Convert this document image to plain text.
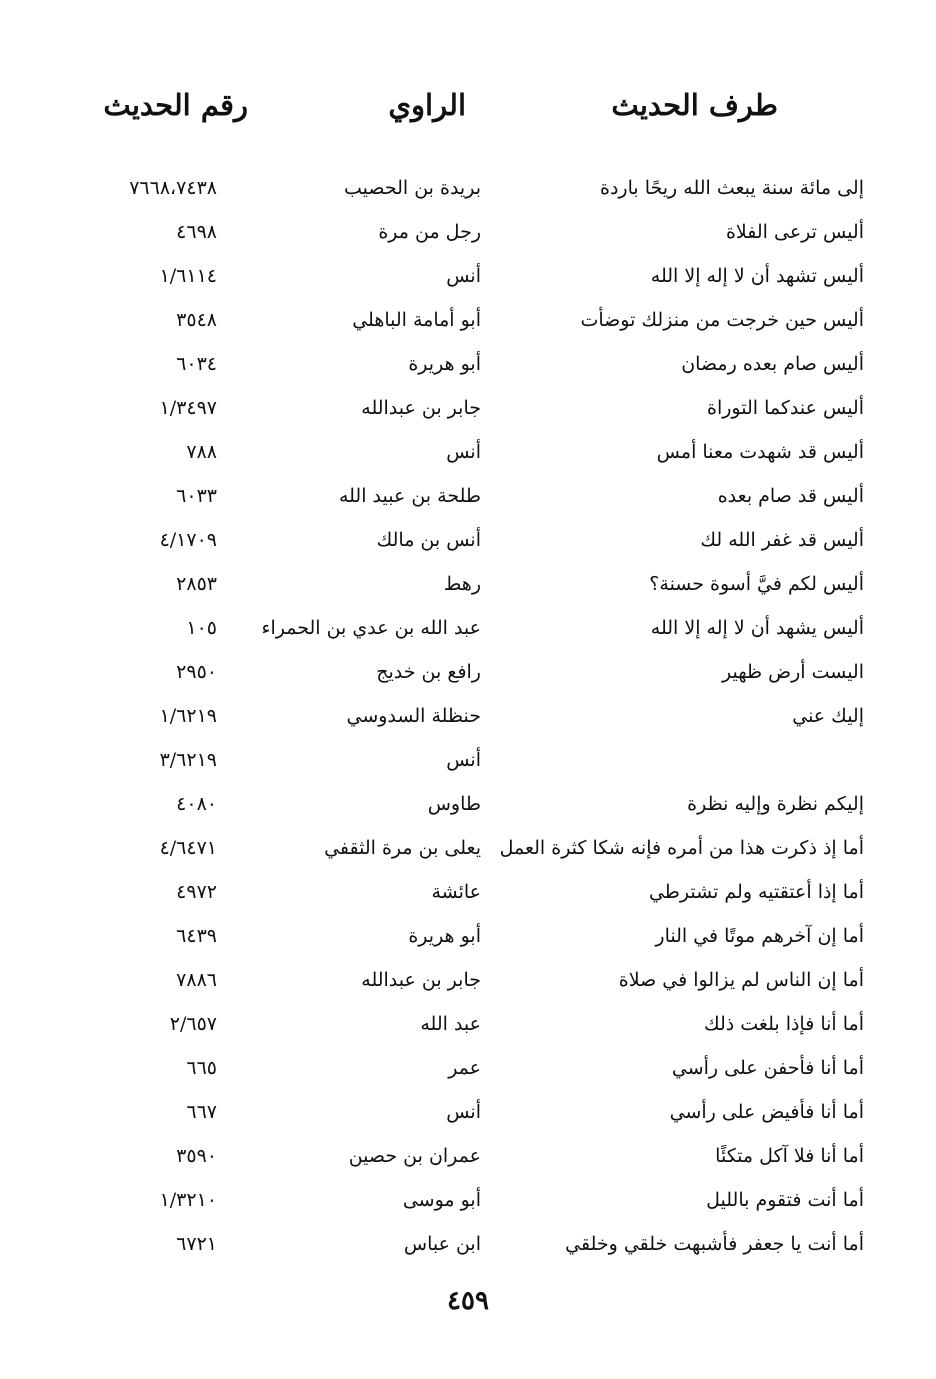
طرف الحديث
الراوي
رقم الحديث
إلى مائة سنة يبعث الله ريحًا باردة
بريدة بن الحصيب
٧٦٦٨،٧٤٣٨
أليس ترعى الفلاة
رجل من مرة
٤٦٩٨
أليس تشهد أن لا إله إلا الله
أنس
١/٦١١٤
أليس حين خرجت من منزلك توضأت
أبو أمامة الباهلي
٣٥٤٨
أليس صام بعده رمضان
أبو هريرة
٦٠٣٤
أليس عندكما التوراة
جابر بن عبدالله
١/٣٤٩٧
أليس قد شهدت معنا أمس
أنس
٧٨٨
أليس قد صام بعده
طلحة بن عبيد الله
٦٠٣٣
أليس قد غفر الله لك
أنس بن مالك
٤/١٧٠٩
أليس لكم فيَّ أسوة حسنة؟
رهط
٢٨٥٣
أليس يشهد أن لا إله إلا الله
عبد الله بن عدي بن الحمراء
١٠٥
اليست أرض ظهير
رافع بن خديج
٢٩٥٠
إليك عني
حنظلة السدوسي
١/٦٢١٩
أنس
٣/٦٢١٩
إليكم نظرة وإليه نظرة
طاوس
٤٠٨٠
أما إذ ذكرت هذا من أمره فإنه شكا كثرة العمل
يعلى بن مرة الثقفي
٤/٦٤٧١
أما إذا أعتقتيه ولم تشترطي
عائشة
٤٩٧٢
أما إن آخرهم موتًا في النار
أبو هريرة
٦٤٣٩
أما إن الناس لم يزالوا في صلاة
جابر بن عبدالله
٧٨٨٦
أما أنا فإذا بلغت ذلك
عبد الله
٢/٦٥٧
أما أنا فأحفن على رأسي
عمر
٦٦٥
أما أنا فأفيض على رأسي
أنس
٦٦٧
أما أنا فلا آكل متكئًا
عمران بن حصين
٣٥٩٠
أما أنت فتقوم بالليل
أبو موسى
١/٣٢١٠
أما أنت يا جعفر فأشبهت خلقي وخلقي
ابن عباس
٦٧٢١
٤٥٩
